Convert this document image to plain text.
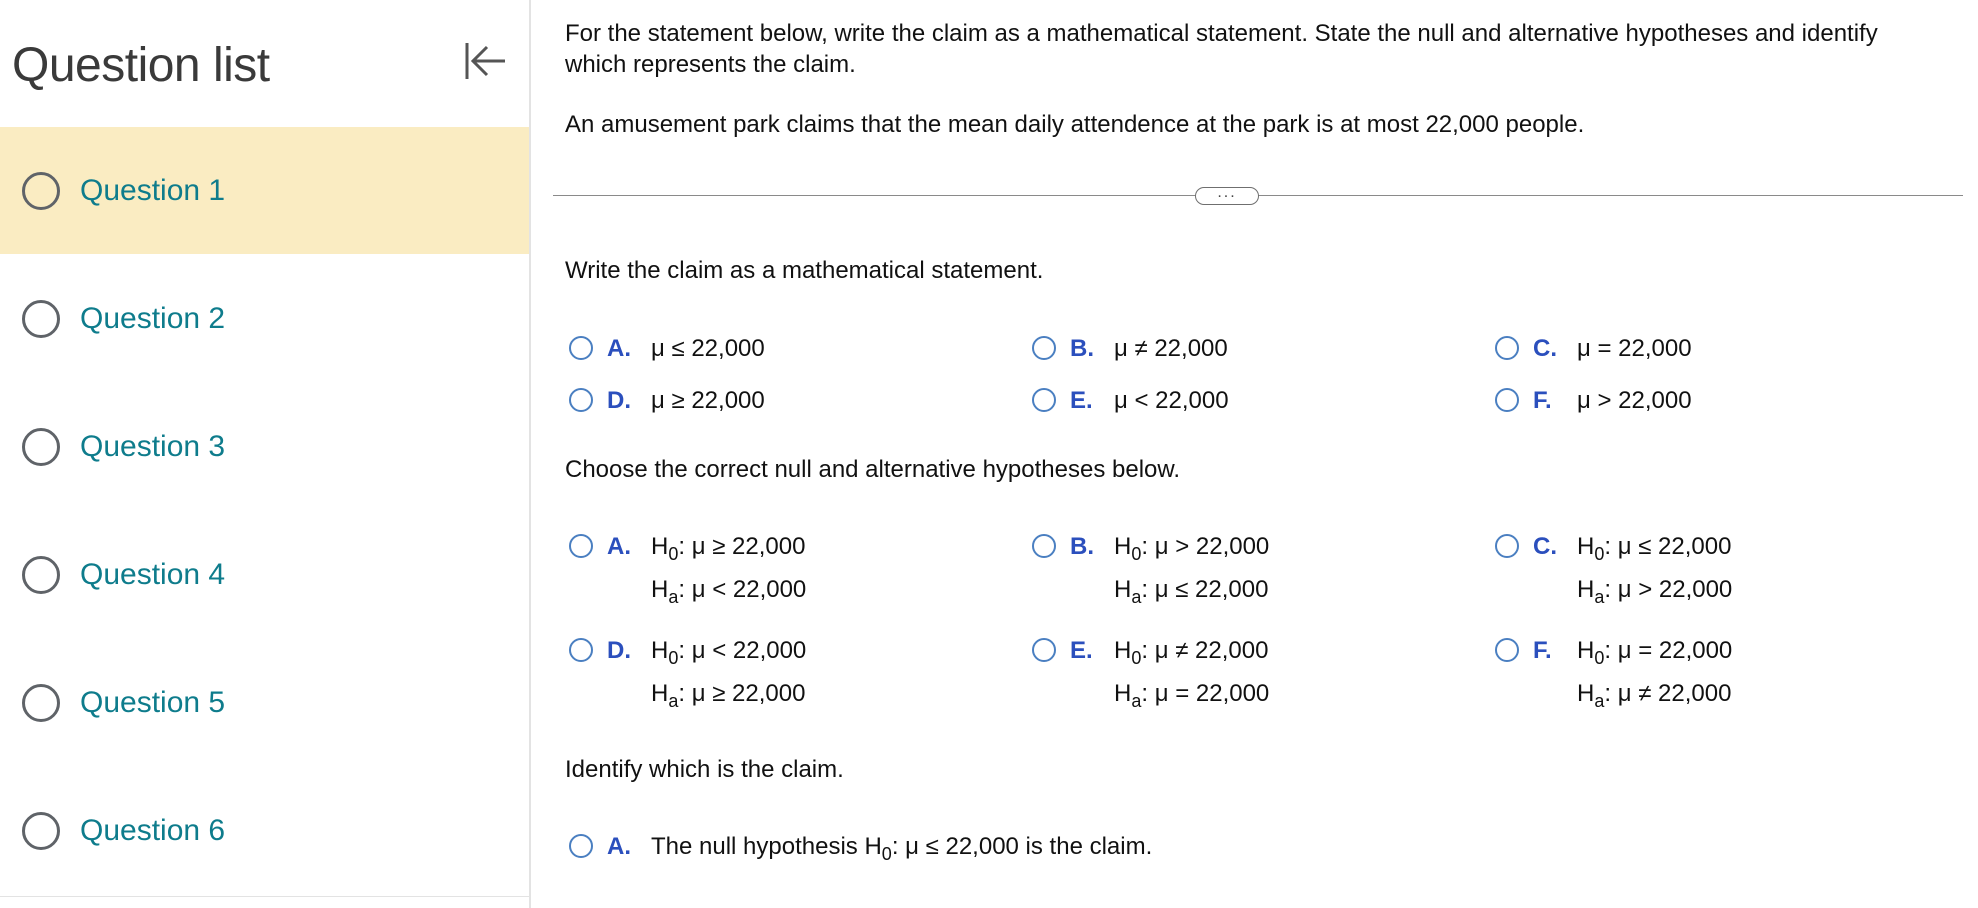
Question list
Question 1
Question 2
Question 3
Question 4
Question 5
Question 6
For the statement below, write the claim as a mathematical statement. State the null and alternative hypotheses and identify which represents the claim.
An amusement park claims that the mean daily attendence at the park is at most 22,000 people.
...
Write the claim as a mathematical statement.
A. μ ≤ 22,000	B. μ ≠ 22,000	C. μ = 22,000
D. μ ≥ 22,000	E. μ < 22,000	F.	μ > 22,000
Choose the correct null and alternative hypotheses below.
A. $H_0$: μ ≥ 22,000
$H_a$: μ < 22,000
B. $H_0$: μ > 22,000
$H_a$: μ ≤ 22,000
C. $H_0$: μ ≤ 22,000
$H_a$: μ > 22,000
D. $H_0$: μ < 22,000
$H_a$: μ ≥ 22,000
E. $H_0$: μ ≠ 22,000
$H_a$: μ = 22,000
F.	$H_0$: μ = 22,000
$H_a$: μ ≠ 22,000
Identify which is the claim.
A. The null hypothesis $H_0$: μ ≤ 22,000 is the claim.
